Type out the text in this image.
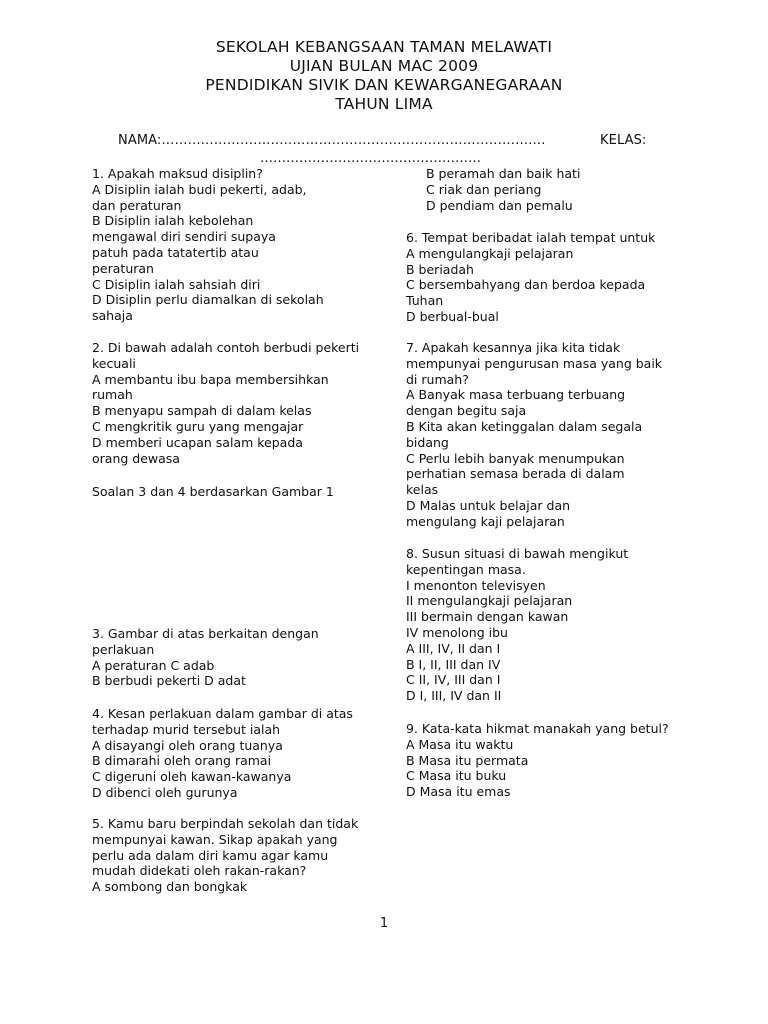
SEKOLAH KEBANGSAAN TAMAN MELAWATI
UJIAN BULAN MAC 2009
PENDIDIKAN SIVIK DAN KEWARGANEGARAAN
TAHUN LIMA
NAMA:…………………………………………………………………………….	KELAS:
……………………………………………
1. Apakah maksud disiplin?
A Disiplin ialah budi pekerti, adab,
dan peraturan
B Disiplin ialah kebolehan
mengawal diri sendiri supaya
patuh pada tatatertib atau
peraturan
C Disiplin ialah sahsiah diri
D Disiplin perlu diamalkan di sekolah
sahaja
2. Di bawah adalah contoh berbudi pekerti
kecuali
A membantu ibu bapa membersihkan
rumah
B menyapu sampah di dalam kelas
C mengkritik guru yang mengajar
D memberi ucapan salam kepada
orang dewasa
Soalan 3 dan 4 berdasarkan Gambar 1
3. Gambar di atas berkaitan dengan
perlakuan
A peraturan C adab
B berbudi pekerti D adat
4. Kesan perlakuan dalam gambar di atas
terhadap murid tersebut ialah
A disayangi oleh orang tuanya
B dimarahi oleh orang ramai
C digeruni oleh kawan-kawanya
D dibenci oleh gurunya
5. Kamu baru berpindah sekolah dan tidak
mempunyai kawan. Sikap apakah yang
perlu ada dalam diri kamu agar kamu
mudah didekati oleh rakan-rakan?
A sombong dan bongkak
B peramah dan baik hati
C riak dan periang
D pendiam dan pemalu
6. Tempat beribadat ialah tempat untuk
A mengulangkaji pelajaran
B beriadah
C bersembahyang dan berdoa kepada
Tuhan
D berbual-bual
7. Apakah kesannya jika kita tidak
mempunyai pengurusan masa yang baik
di rumah?
A Banyak masa terbuang terbuang
dengan begitu saja
B Kita akan ketinggalan dalam segala
bidang
C Perlu lebih banyak menumpukan
perhatian semasa berada di dalam
kelas
D Malas untuk belajar dan
mengulang kaji pelajaran
8. Susun situasi di bawah mengikut
kepentingan masa.
I menonton televisyen
II mengulangkaji pelajaran
III bermain dengan kawan
IV menolong ibu
A III, IV, II dan I
B I, II, III dan IV
C II, IV, III dan I
D I, III, IV dan II
9. Kata-kata hikmat manakah yang betul?
A Masa itu waktu
B Masa itu permata
C Masa itu buku
D Masa itu emas
1
